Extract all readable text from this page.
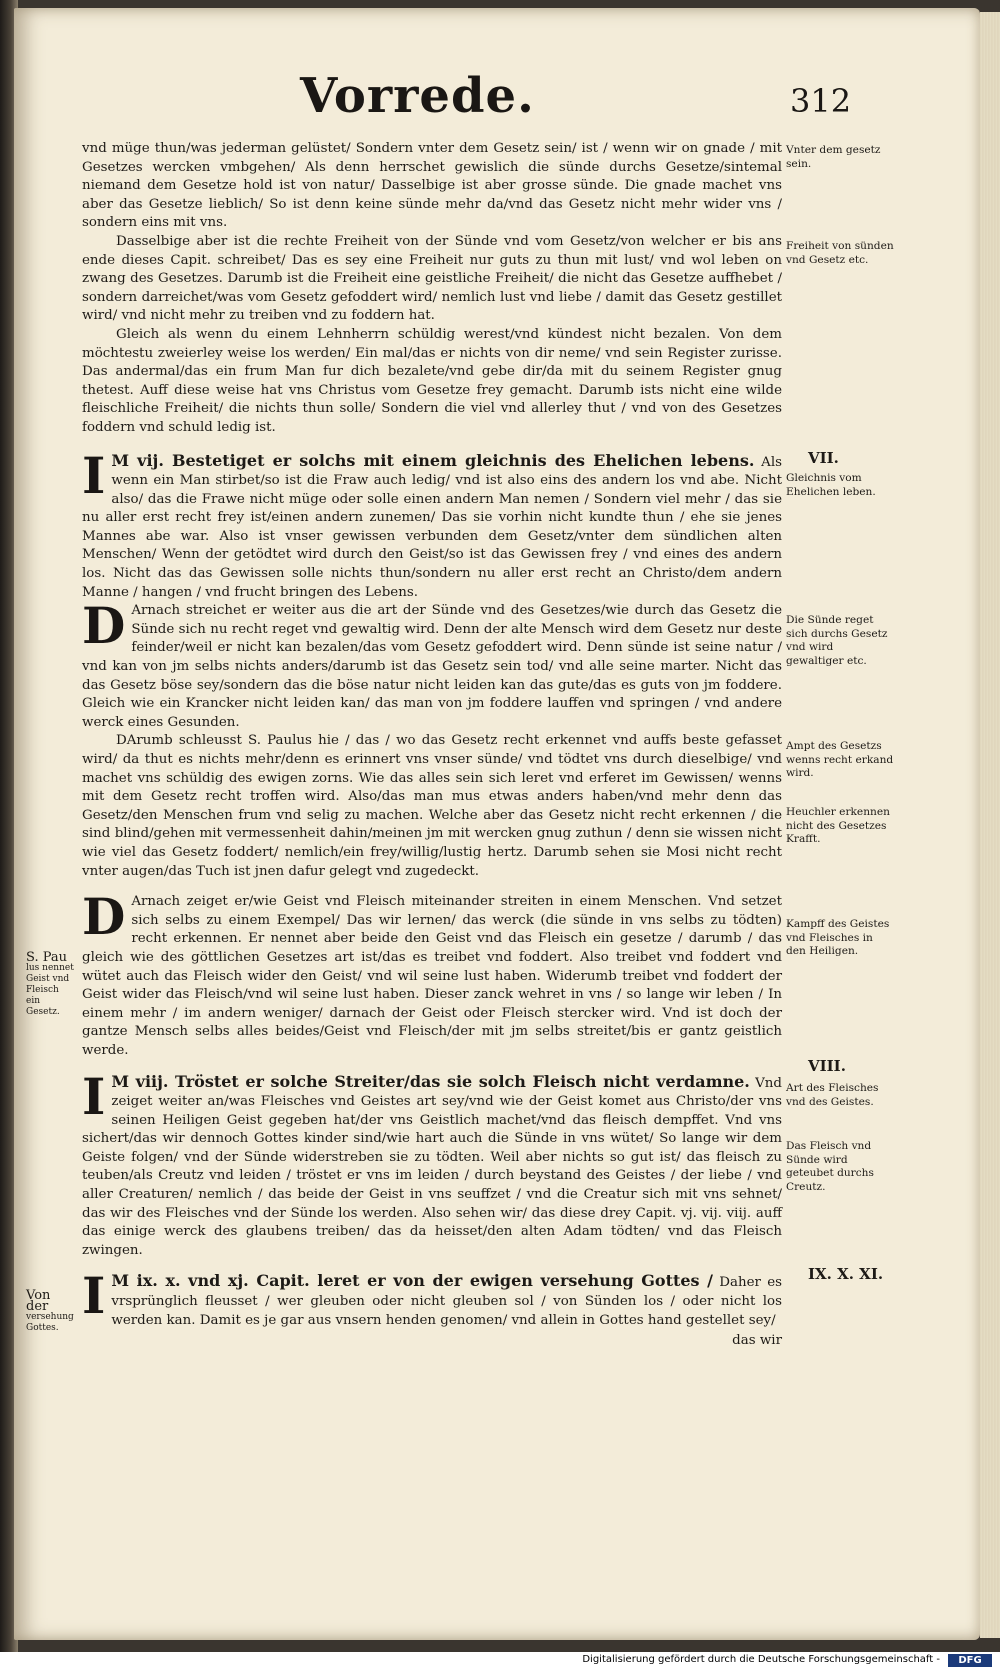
Vorrede.	312

vnd müge thun/was jederman gelüstet/ Sondern vnter dem Gesetz sein/ ist / wenn wir on gnade / mit Gesetzes wercken vmbgehen/ Als denn herrschet gewislich die sünde durchs Gesetze/sintemal niemand dem Gesetze hold ist von natur/ Dasselbige ist aber grosse sünde. Die gnade machet vns aber das Gesetze lieblich/ So ist denn keine sünde mehr da/vnd das Gesetz nicht mehr wider vns / sondern eins mit vns.

Dasselbige aber ist die rechte Freiheit von der Sünde vnd vom Gesetz/von welcher er bis ans ende dieses Capit. schreibet/ Das es sey eine Freiheit nur guts zu thun mit lust/ vnd wol leben on zwang des Gesetzes. Darumb ist die Freiheit eine geistliche Freiheit/ die nicht das Gesetze auffhebet / sondern darreichet/was vom Gesetz gefoddert wird/ nemlich lust vnd liebe / damit das Gesetz gestillet wird/ vnd nicht mehr zu treiben vnd zu foddern hat.

Gleich als wenn du einem Lehnherrn schüldig werest/vnd kündest nicht bezalen. Von dem möchtestu zweierley weise los werden/ Ein mal/das er nichts von dir neme/ vnd sein Register zurisse. Das andermal/das ein frum Man fur dich bezalete/vnd gebe dir/da mit du seinem Register gnug thetest. Auff diese weise hat vns Christus vom Gesetze frey gemacht. Darumb ists nicht eine wilde fleischliche Freiheit/ die nichts thun solle/ Sondern die viel vnd allerley thut / vnd von des Gesetzes foddern vnd schuld ledig ist.

I M vij. Bestetiget er solchs mit einem gleichnis des Ehelichen lebens. Als wenn ein Man stirbet/so ist die Fraw auch ledig/ vnd ist also eins des andern los vnd abe. Nicht also/ das die Frawe nicht müge oder solle einen andern Man nemen / Sondern viel mehr / das sie nu aller erst recht frey ist/einen andern zunemen/ Das sie vorhin nicht kundte thun / ehe sie jenes Mannes abe war. Also ist vnser gewissen verbunden dem Gesetz/vnter dem sündlichen alten Menschen/ Wenn der getödtet wird durch den Geist/so ist das Gewissen frey / vnd eines des andern los. Nicht das das Gewissen solle nichts thun/sondern nu aller erst recht an Christo/dem andern Manne / hangen / vnd frucht bringen des Lebens.

D Arnach streichet er weiter aus die art der Sünde vnd des Gesetzes/wie durch das Gesetz die Sünde sich nu recht reget vnd gewaltig wird. Denn der alte Mensch wird dem Gesetz nur deste feinder/weil er nicht kan bezalen/das vom Gesetz gefoddert wird. Denn sünde ist seine natur / vnd kan von jm selbs nichts anders/darumb ist das Gesetz sein tod/ vnd alle seine marter. Nicht das das Gesetz böse sey/sondern das die böse natur nicht leiden kan das gute/das es guts von jm foddere. Gleich wie ein Krancker nicht leiden kan/ das man von jm foddere lauffen vnd springen / vnd andere werck eines Gesunden.

DArumb schleusst S. Paulus hie / das / wo das Gesetz recht erkennet vnd auffs beste gefasset wird/ da thut es nichts mehr/denn es erinnert vns vnser sünde/ vnd tödtet vns durch dieselbige/ vnd machet vns schüldig des ewigen zorns. Wie das alles sein sich leret vnd erferet im Gewissen/ wenns mit dem Gesetz recht troffen wird. Also/das man mus etwas anders haben/vnd mehr denn das Gesetz/den Menschen frum vnd selig zu machen. Welche aber das Gesetz nicht recht erkennen / die sind blind/gehen mit vermessenheit dahin/meinen jm mit wercken gnug zuthun / denn sie wissen nicht wie viel das Gesetz foddert/ nemlich/ein frey/willig/lustig hertz. Darumb sehen sie Mosi nicht recht vnter augen/das Tuch ist jnen dafur gelegt vnd zugedeckt.

D Arnach zeiget er/wie Geist vnd Fleisch miteinander streiten in einem Menschen. Vnd setzet sich selbs zu einem Exempel/ Das wir lernen/ das werck (die sünde in vns selbs zu tödten) recht erkennen. Er nennet aber beide den Geist vnd das Fleisch ein gesetze / darumb / das gleich wie des göttlichen Gesetzes art ist/das es treibet vnd foddert. Also treibet vnd foddert vnd wütet auch das Fleisch wider den Geist/ vnd wil seine lust haben. Widerumb treibet vnd foddert der Geist wider das Fleisch/vnd wil seine lust haben. Dieser zanck wehret in vns / so lange wir leben / In einem mehr / im andern weniger/ darnach der Geist oder Fleisch stercker wird. Vnd ist doch der gantze Mensch selbs alles beides/Geist vnd Fleisch/der mit jm selbs streitet/bis er gantz geistlich werde.

I M viij. Tröstet er solche Streiter/das sie solch Fleisch nicht verdamne. Vnd zeiget weiter an/was Fleisches vnd Geistes art sey/vnd wie der Geist komet aus Christo/der vns seinen Heiligen Geist gegeben hat/der vns Geistlich machet/vnd das fleisch dempffet. Vnd vns sichert/das wir dennoch Gottes kinder sind/wie hart auch die Sünde in vns wütet/ So lange wir dem Geiste folgen/ vnd der Sünde widerstreben sie zu tödten. Weil aber nichts so gut ist/ das fleisch zu teuben/als Creutz vnd leiden / tröstet er vns im leiden / durch beystand des Geistes / der liebe / vnd aller Creaturen/ nemlich / das beide der Geist in vns seuffzet / vnd die Creatur sich mit vns sehnet/ das wir des Fleisches vnd der Sünde los werden. Also sehen wir/ das diese drey Capit. vj. vij. viij. auff das einige werck des glaubens treiben/ das da heisset/den alten Adam tödten/ vnd das Fleisch zwingen.

I M ix. x. vnd xj. Capit. leret er von der ewigen versehung Gottes / Daher es vrsprünglich fleusset / wer gleuben oder nicht gleuben sol / von Sünden los / oder nicht los werden kan. Damit es je gar aus vnsern henden genomen/ vnd allein in Gottes hand gestellet sey/

das wir

Vnter dem gesetz sein.
Freiheit von sünden vnd Gesetz etc.
VII.
Gleichnis vom Ehelichen leben.
Die Sünde reget sich durchs Gesetz vnd wird gewaltiger etc.
Ampt des Gesetzs wenns recht erkand wird.
Heuchler erkennen nicht des Gesetzes Krafft.
Kampff des Geistes vnd Fleisches in den Heiligen.
VIII.
Art des Fleisches vnd des Geistes.
Das Fleisch vnd Sünde wird geteubet durchs Creutz.
IX. X. XI.
S. Pau
lus nennet Geist vnd Fleisch ein Gesetz.
Von der
versehung Gottes.
Digitalisierung gefördert durch die Deutsche Forschungsgemeinschaft -	DFG
